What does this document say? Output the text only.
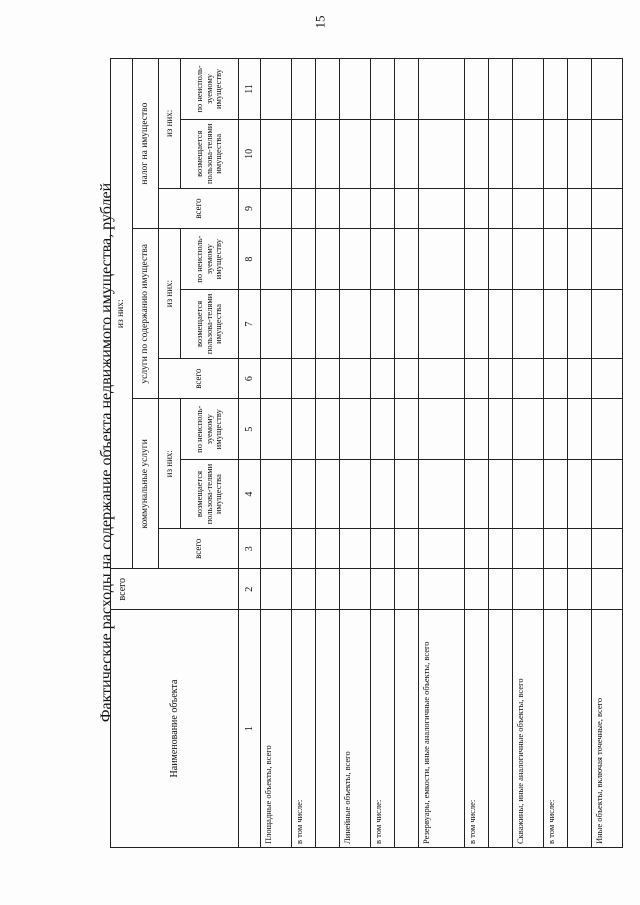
15
Фактические расходы на содержание объекта недвижимого имущества, рублей
Наименование объекта	всего	из них:								
		коммунальные услуги			услуги по содержанию имущества			налог на имущество		
		всего	из них:		всего	из них:		всего	из них:	
			возмещается пользова-телями имущества	по неисполь-зуемому имуществу		возмещается пользова-телями имущества	по неисполь-зуемому имуществу		возмещается пользова-телями имущества	по неисполь-зуемому имуществу
1	2	3	4	5	6	7	8	9	10	11
Площадные объекты, всего										
в том числе:										

Линейные объекты, всего										
в том числе:										

Резервуары, емкости, иные аналогичные объекты, всего										
в том числе:										

Скважины, иные аналогичные объекты, всего										
в том числе:										

Иные объекты, включая точечные, всего										
